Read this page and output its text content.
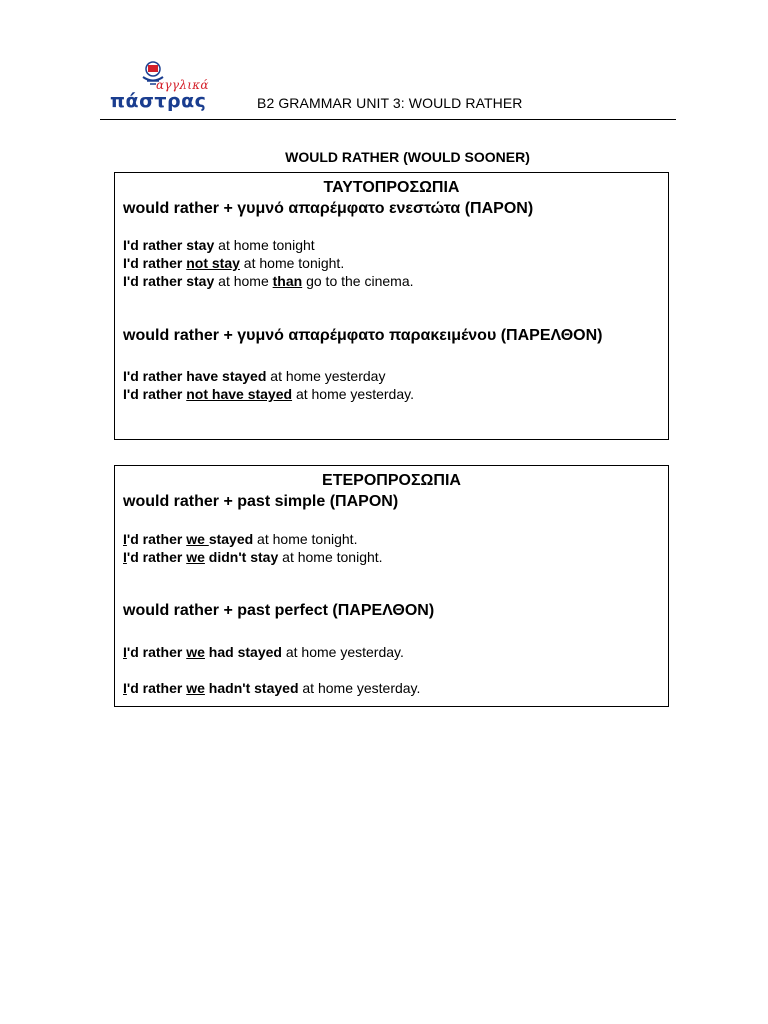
αγγλικά
πάστρας	B2 GRAMMAR UNIT 3: WOULD RATHER
WOULD RATHER (WOULD SOONER)
ΤΑΥΤΟΠΡΟΣΩΠΙΑ
would rather + γυμνό απαρέμφατο ενεστώτα (ΠΑΡΟΝ)
I'd rather stay at home tonight
I'd rather not stay at home tonight.
I'd rather stay at home than go to the cinema.
would rather + γυμνό απαρέμφατο παρακειμένου (ΠΑΡΕΛΘΟΝ)
I'd rather have stayed at home yesterday
I'd rather not have stayed at home yesterday.
ΕΤΕΡΟΠΡΟΣΩΠΙΑ
would rather + past simple (ΠΑΡΟΝ)
I'd rather we stayed at home tonight.
I'd rather we didn't stay at home tonight.
would rather + past perfect (ΠΑΡΕΛΘΟΝ)
I'd rather we had stayed at home yesterday.
I'd rather we hadn't stayed at home yesterday.
